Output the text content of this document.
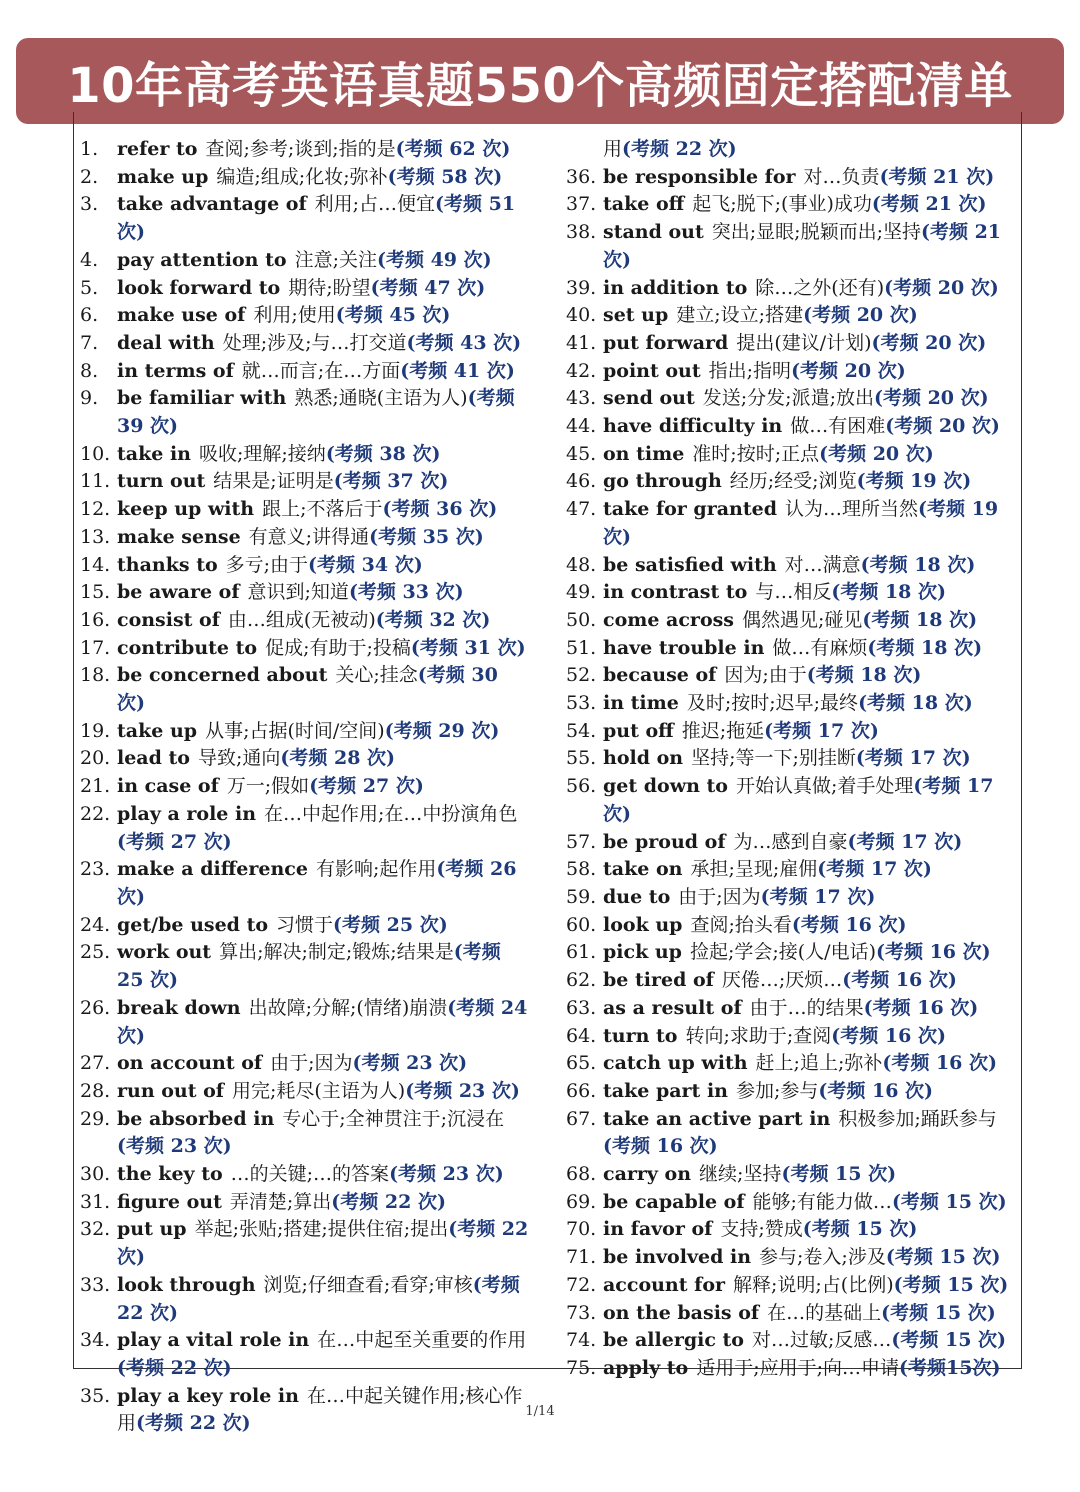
10年高考英语真题550个高频固定搭配清单
1. refer to 查阅;参考;谈到;指的是(考频 62 次)
2. make up 编造;组成;化妆;弥补(考频 58 次)
3. take advantage of 利用;占…便宜(考频 51 次)
4. pay attention to 注意;关注(考频 49 次)
5. look forward to 期待;盼望(考频 47 次)
6. make use of 利用;使用(考频 45 次)
7. deal with 处理;涉及;与…打交道(考频 43 次)
8. in terms of 就…而言;在…方面(考频 41 次)
9. be familiar with 熟悉;通晓(主语为人)(考频 39 次)
10. take in 吸收;理解;接纳(考频 38 次)
11. turn out 结果是;证明是(考频 37 次)
12. keep up with 跟上;不落后于(考频 36 次)
13. make sense 有意义;讲得通(考频 35 次)
14. thanks to 多亏;由于(考频 34 次)
15. be aware of 意识到;知道(考频 33 次)
16. consist of 由…组成(无被动)(考频 32 次)
17. contribute to 促成;有助于;投稿(考频 31 次)
18. be concerned about 关心;挂念(考频 30 次)
19. take up 从事;占据(时间/空间)(考频 29 次)
20. lead to 导致;通向(考频 28 次)
21. in case of 万一;假如(考频 27 次)
22. play a role in 在…中起作用;在…中扮演角色(考频 27 次)
23. make a difference 有影响;起作用(考频 26 次)
24. get/be used to 习惯于(考频 25 次)
25. work out 算出;解决;制定;锻炼;结果是(考频 25 次)
26. break down 出故障;分解;(情绪)崩溃(考频 24 次)
27. on account of 由于;因为(考频 23 次)
28. run out of 用完;耗尽(主语为人)(考频 23 次)
29. be absorbed in 专心于;全神贯注于;沉浸在(考频 23 次)
30. the key to …的关键;…的答案(考频 23 次)
31. figure out 弄清楚;算出(考频 22 次)
32. put up 举起;张贴;搭建;提供住宿;提出(考频 22 次)
33. look through 浏览;仔细查看;看穿;审核(考频 22 次)
34. play a vital role in 在…中起至关重要的作用(考频 22 次)
35. play a key role in 在…中起关键作用;核心作用(考频 22 次)
用(考频 22 次)
36. be responsible for 对…负责(考频 21 次)
37. take off 起飞;脱下;(事业)成功(考频 21 次)
38. stand out 突出;显眼;脱颖而出;坚持(考频 21 次)
39. in addition to 除…之外(还有)(考频 20 次)
40. set up 建立;设立;搭建(考频 20 次)
41. put forward 提出(建议/计划)(考频 20 次)
42. point out 指出;指明(考频 20 次)
43. send out 发送;分发;派遣;放出(考频 20 次)
44. have difficulty in 做…有困难(考频 20 次)
45. on time 准时;按时;正点(考频 20 次)
46. go through 经历;经受;浏览(考频 19 次)
47. take for granted 认为…理所当然(考频 19 次)
48. be satisfied with 对…满意(考频 18 次)
49. in contrast to 与…相反(考频 18 次)
50. come across 偶然遇见;碰见(考频 18 次)
51. have trouble in 做…有麻烦(考频 18 次)
52. because of 因为;由于(考频 18 次)
53. in time 及时;按时;迟早;最终(考频 18 次)
54. put off 推迟;拖延(考频 17 次)
55. hold on 坚持;等一下;别挂断(考频 17 次)
56. get down to 开始认真做;着手处理(考频 17 次)
57. be proud of 为…感到自豪(考频 17 次)
58. take on 承担;呈现;雇佣(考频 17 次)
59. due to 由于;因为(考频 17 次)
60. look up 查阅;抬头看(考频 16 次)
61. pick up 捡起;学会;接(人/电话)(考频 16 次)
62. be tired of 厌倦…;厌烦…(考频 16 次)
63. as a result of 由于…的结果(考频 16 次)
64. turn to 转向;求助于;查阅(考频 16 次)
65. catch up with 赶上;追上;弥补(考频 16 次)
66. take part in 参加;参与(考频 16 次)
67. take an active part in 积极参加;踊跃参与(考频 16 次)
68. carry on 继续;坚持(考频 15 次)
69. be capable of 能够;有能力做…(考频 15 次)
70. in favor of 支持;赞成(考频 15 次)
71. be involved in 参与;卷入;涉及(考频 15 次)
72. account for 解释;说明;占(比例)(考频 15 次)
73. on the basis of 在…的基础上(考频 15 次)
74. be allergic to 对…过敏;反感…(考频 15 次)
75. apply to 适用于;应用于;向…申请(考频15次)
1/14
